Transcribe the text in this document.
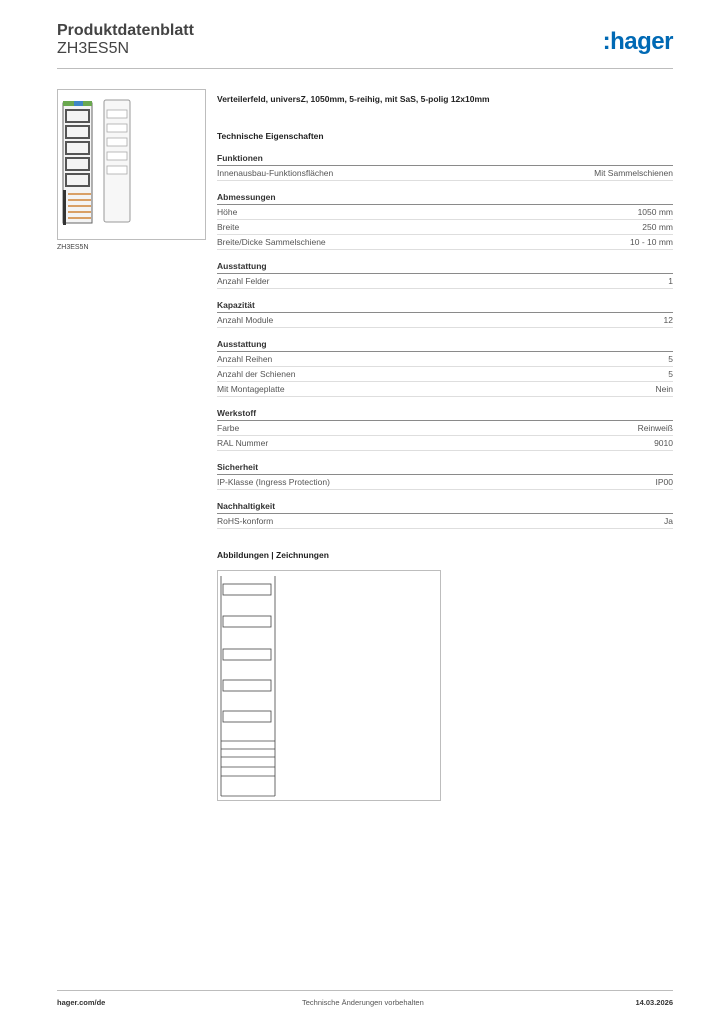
Produktdatenblatt
ZH3ES5N	:hager
ZH3ES5N
Verteilerfeld, universZ, 1050mm, 5-reihig, mit SaS, 5-polig 12x10mm
Technische Eigenschaften
Funktionen
Innenausbau-Funktionsflächen	Mit Sammelschienen
Abmessungen
Höhe	1050 mm
Breite	250 mm
Breite/Dicke Sammelschiene	10 - 10 mm
Ausstattung
Anzahl Felder	1
Kapazität
Anzahl Module	12
Ausstattung
Anzahl Reihen	5
Anzahl der Schienen	5
Mit Montageplatte	Nein
Werkstoff
Farbe	Reinweiß
RAL Nummer	9010
Sicherheit
IP-Klasse (Ingress Protection)	IP00
Nachhaltigkeit
RoHS-konform	Ja
Abbildungen | Zeichnungen
hager.com/de	Technische Änderungen vorbehalten	14.03.2026
